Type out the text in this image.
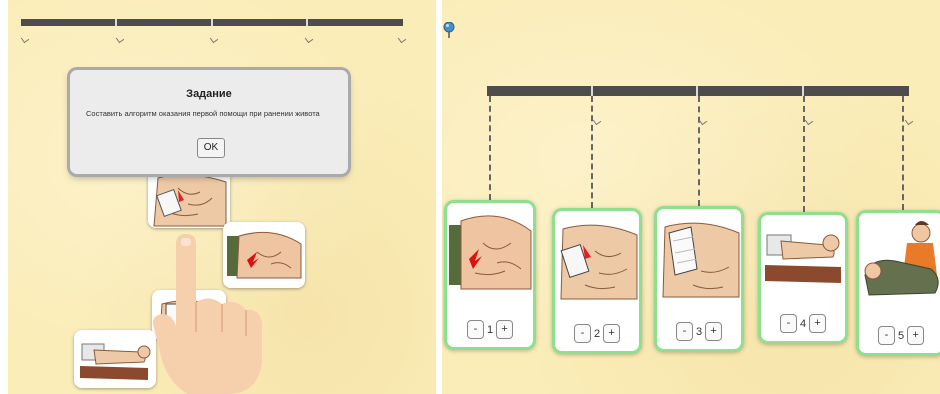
Задание
Составить алгоритм оказания первой помощи при ранении живота
OK
- 1 +	- 2 +	- 3 +
- 4 +
- 5 +
